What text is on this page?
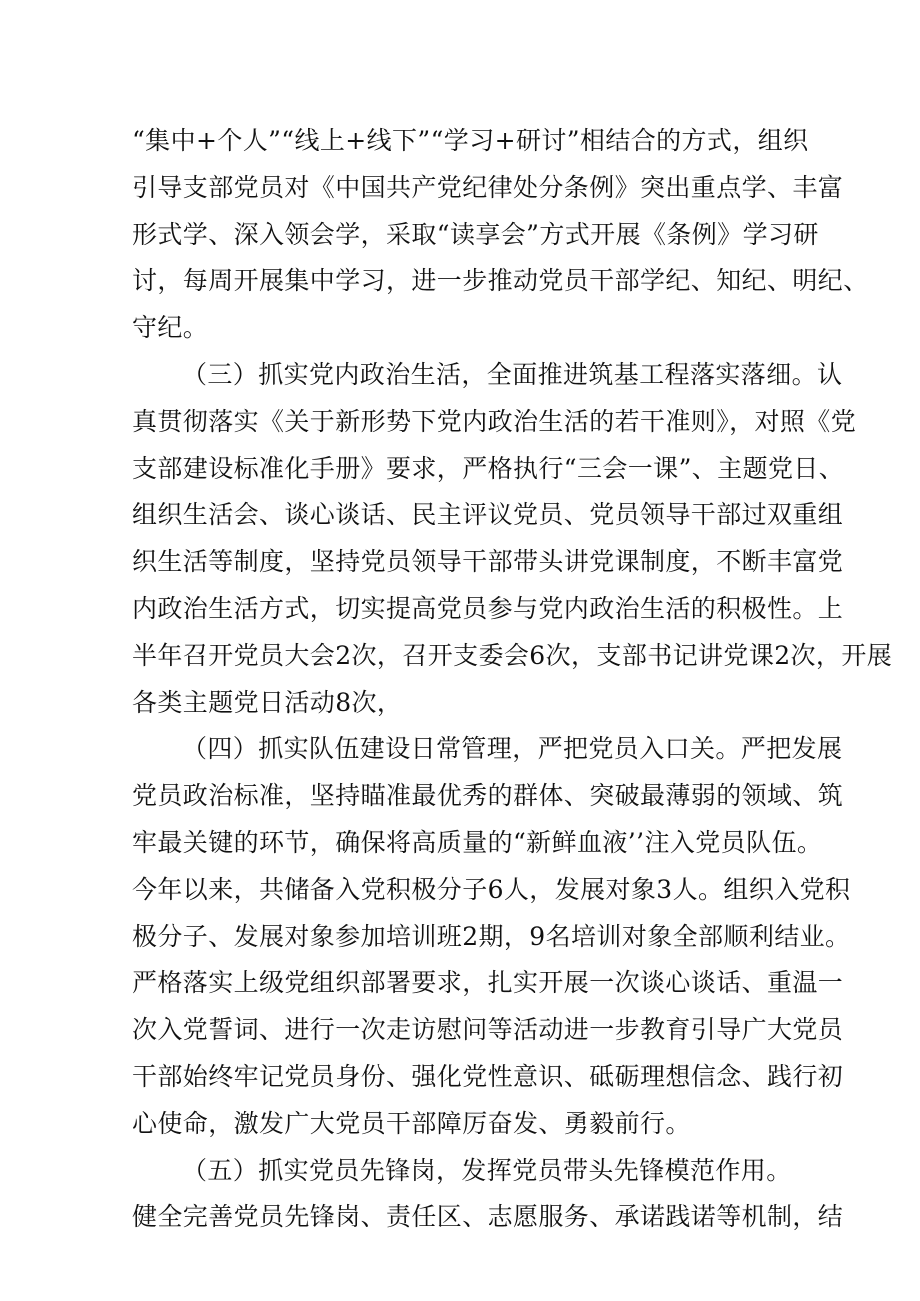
“集中+个人”“线上+线下”“学习+研讨”相结合的方式，组织
引导支部党员对《中国共产党纪律处分条例》突出重点学、丰富
形式学、深入领会学，采取“读享会”方式开展《条例》学习研
讨，每周开展集中学习，进一步推动党员干部学纪、知纪、明纪、
守纪。
（三）抓实党内政治生活，全面推进筑基工程落实落细。认
真贯彻落实《关于新形势下党内政治生活的若干准则》，对照《党
支部建设标准化手册》要求，严格执行“三会一课”、主题党日、
组织生活会、谈心谈话、民主评议党员、党员领导干部过双重组
织生活等制度，坚持党员领导干部带头讲党课制度，不断丰富党
内政治生活方式，切实提高党员参与党内政治生活的积极性。上
半年召开党员大会2次，召开支委会6次，支部书记讲党课2次，开展
各类主题党日活动8次，
（四）抓实队伍建设日常管理，严把党员入口关。严把发展
党员政治标准，坚持瞄准最优秀的群体、突破最薄弱的领域、筑
牢最关键的环节，确保将高质量的“新鲜血液’’注入党员队伍。
今年以来，共储备入党积极分子6人，发展对象3人。组织入党积
极分子、发展对象参加培训班2期，9名培训对象全部顺利结业。
严格落实上级党组织部署要求，扎实开展一次谈心谈话、重温一
次入党誓词、进行一次走访慰问等活动进一步教育引导广大党员
干部始终牢记党员身份、强化党性意识、砥砺理想信念、践行初
心使命，激发广大党员干部障厉奋发、勇毅前行。
（五）抓实党员先锋岗，发挥党员带头先锋模范作用。
健全完善党员先锋岗、责任区、志愿服务、承诺践诺等机制，结
